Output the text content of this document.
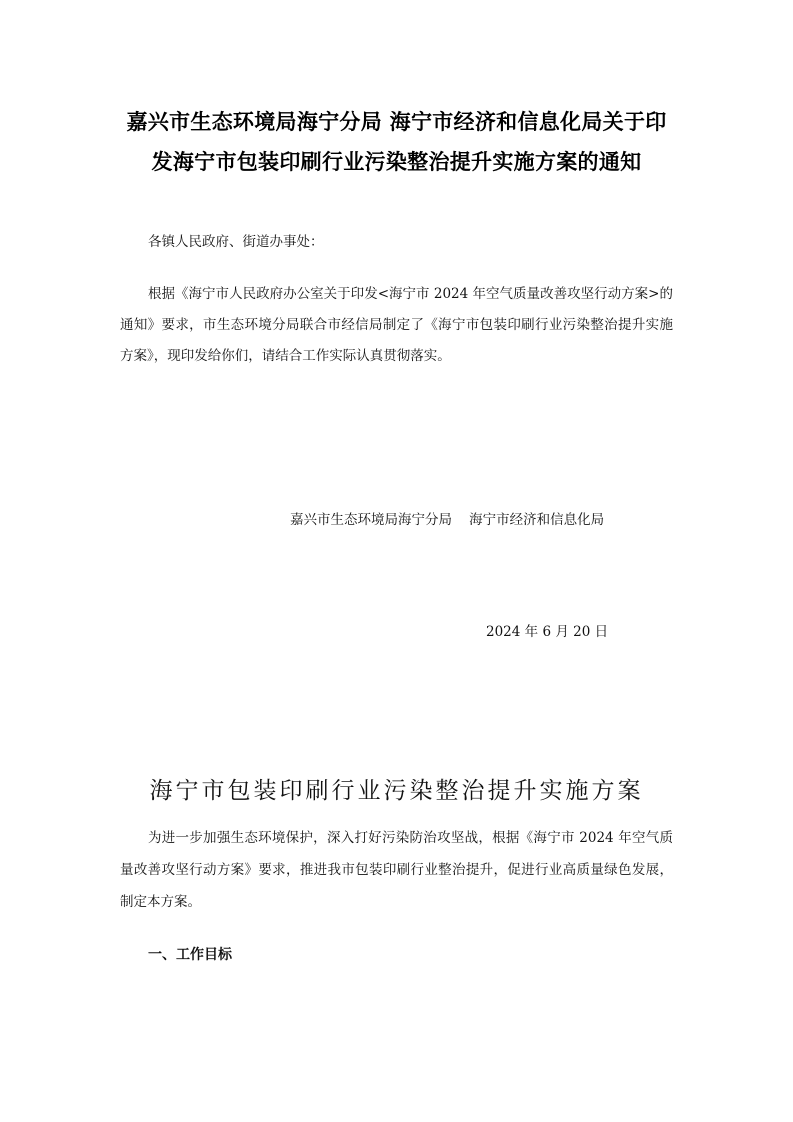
嘉兴市生态环境局海宁分局 海宁市经济和信息化局关于印
发海宁市包装印刷行业污染整治提升实施方案的通知
各镇人民政府、街道办事处：
根据《海宁市人民政府办公室关于印发<海宁市 2024 年空气质量改善攻坚行动方案>的
通知》要求，市生态环境分局联合市经信局制定了《海宁市包装印刷行业污染整治提升实施
方案》，现印发给你们，请结合工作实际认真贯彻落实。
嘉兴市生态环境局海宁分局    海宁市经济和信息化局
2024 年 6 月 20 日
海宁市包装印刷行业污染整治提升实施方案
为进一步加强生态环境保护，深入打好污染防治攻坚战，根据《海宁市 2024 年空气质
量改善攻坚行动方案》要求，推进我市包装印刷行业整治提升，促进行业高质量绿色发展，
制定本方案。
一、工作目标
